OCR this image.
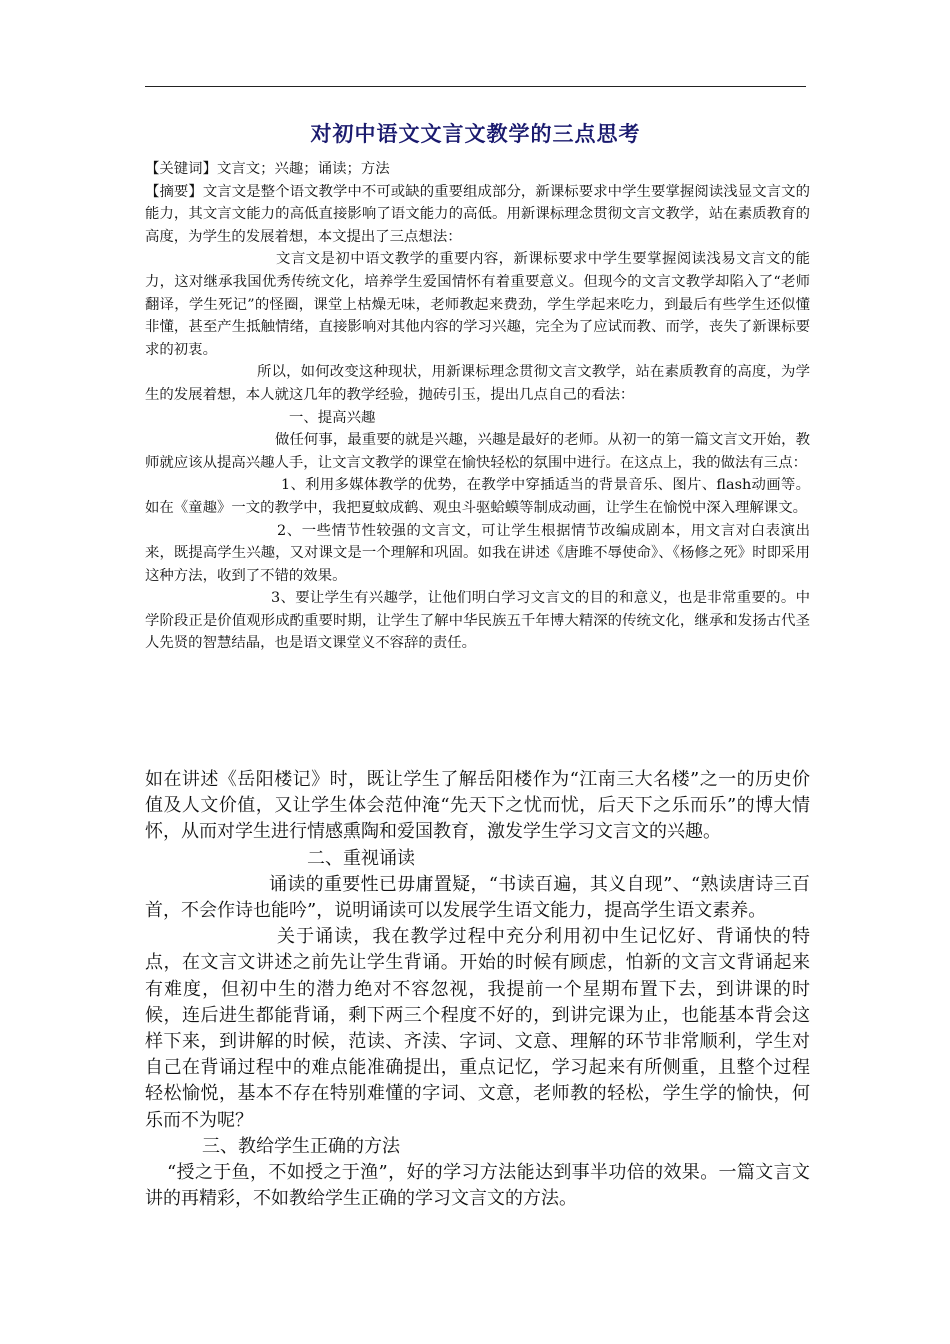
对初中语文文言文教学的三点思考

【关键词】文言文；兴趣；诵读；方法

【摘要】文言文是整个语文教学中不可或缺的重要组成部分，新课标要求中学生要掌握阅读浅显文言文的能力，其文言文能力的高低直接影响了语文能力的高低。用新课标理念贯彻文言文教学，站在素质教育的高度，为学生的发展着想，本文提出了三点想法：

文言文是初中语文教学的重要内容，新课标要求中学生要掌握阅读浅易文言文的能力，这对继承我国优秀传统文化，培养学生爱国情怀有着重要意义。但现今的文言文教学却陷入了“老师翻译，学生死记”的怪圈，课堂上枯燥无味，老师教起来费劲，学生学起来吃力，到最后有些学生还似懂非懂，甚至产生抵触情绪，直接影响对其他内容的学习兴趣，完全为了应试而教、而学，丧失了新课标要求的初衷。

所以，如何改变这种现状，用新课标理念贯彻文言文教学，站在素质教育的高度，为学生的发展着想，本人就这几年的教学经验，抛砖引玉，提出几点自己的看法：

一、提高兴趣

做任何事，最重要的就是兴趣，兴趣是最好的老师。从初一的第一篇文言文开始，教师就应该从提高兴趣人手，让文言文教学的课堂在愉快轻松的氛围中进行。在这点上，我的做法有三点：

1、利用多媒体教学的优势，在教学中穿插适当的背景音乐、图片、flash动画等。如在《童趣》一文的教学中，我把夏蚊成鹤、观虫斗驱蛤蟆等制成动画，让学生在愉悦中深入理解课文。

2、一些情节性较强的文言文，可让学生根据情节改编成剧本，用文言对白表演出来，既提高学生兴趣，又对课文是一个理解和巩固。如我在讲述《唐雎不辱使命》、《杨修之死》时即采用这种方法，收到了不错的效果。

3、要让学生有兴趣学，让他们明白学习文言文的目的和意义，也是非常重要的。中学阶段正是价值观形成酌重要时期，让学生了解中华民族五千年博大精深的传统文化，继承和发扬古代圣人先贤的智慧结晶，也是语文课堂义不容辞的责任。

如在讲述《岳阳楼记》时，既让学生了解岳阳楼作为“江南三大名楼”之一的历史价值及人文价值，又让学生体会范仲淹“先天下之忧而忧，后天下之乐而乐”的博大情怀，从而对学生进行情感熏陶和爱国教育，激发学生学习文言文的兴趣。

二、重视诵读

诵读的重要性已毋庸置疑，“书读百遍，其义自现”、“熟读唐诗三百首，不会作诗也能吟”，说明诵读可以发展学生语文能力，提高学生语文素养。

关于诵读，我在教学过程中充分利用初中生记忆好、背诵快的特点，在文言文讲述之前先让学生背诵。开始的时候有顾虑，怕新的文言文背诵起来有难度，但初中生的潜力绝对不容忽视，我提前一个星期布置下去，到讲课的时候，连后进生都能背诵，剩下两三个程度不好的，到讲完课为止，也能基本背会这样下来，到讲解的时候，范读、齐渎、字词、文意、理解的环节非常顺利，学生对自己在背诵过程中的难点能准确提出，重点记忆，学习起来有所侧重，且整个过程轻松愉悦，基本不存在特别难懂的字词、文意，老师教的轻松，学生学的愉快，何乐而不为呢？

三、教给学生正确的方法

“授之于鱼，不如授之于渔”，好的学习方法能达到事半功倍的效果。一篇文言文讲的再精彩，不如教给学生正确的学习文言文的方法。
